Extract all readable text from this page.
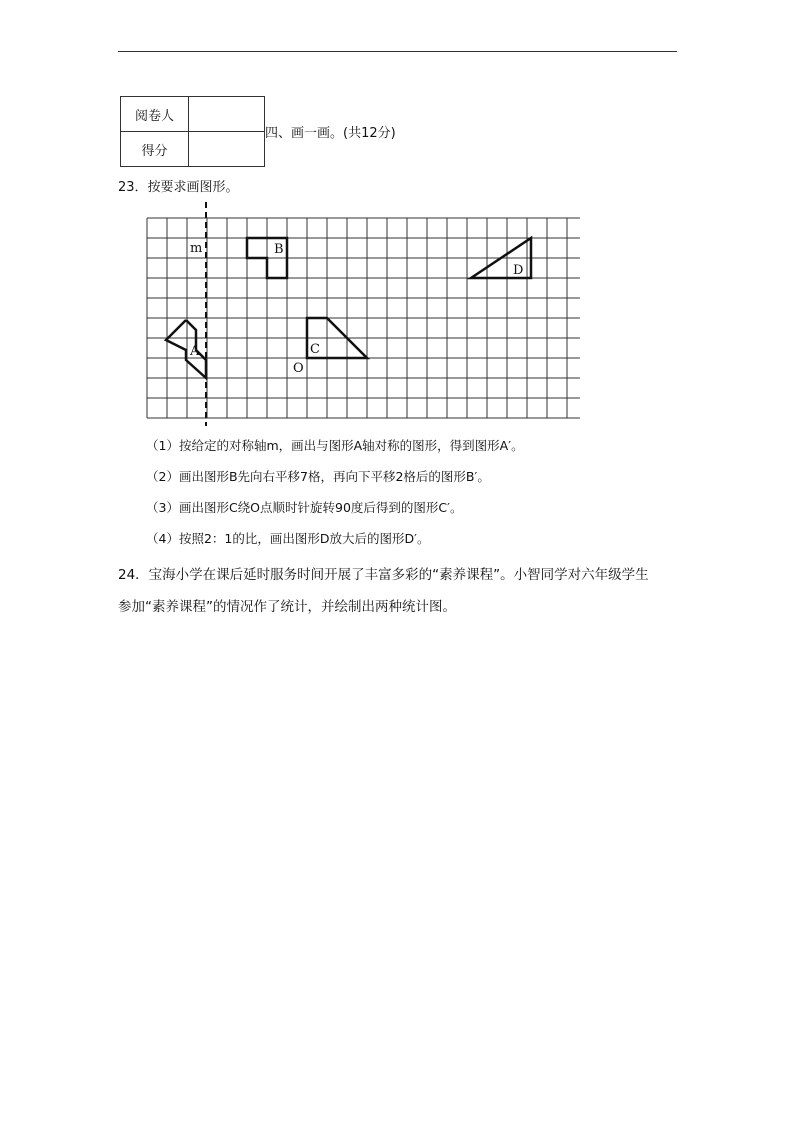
阅卷人	
得分	
四、画一画。(共12分)
23．按要求画图形。
m
A
B
C
D
O
（1）按给定的对称轴m，画出与图形A轴对称的图形，得到图形A′。
（2）画出图形B先向右平移7格，再向下平移2格后的图形B′。
（3）画出图形C绕O点顺时针旋转90度后得到的图形C′。
（4）按照2：1的比，画出图形D放大后的图形D′。
24．宝海小学在课后延时服务时间开展了丰富多彩的“素养课程”。小智同学对六年级学生
参加“素养课程”的情况作了统计，并绘制出两种统计图。
